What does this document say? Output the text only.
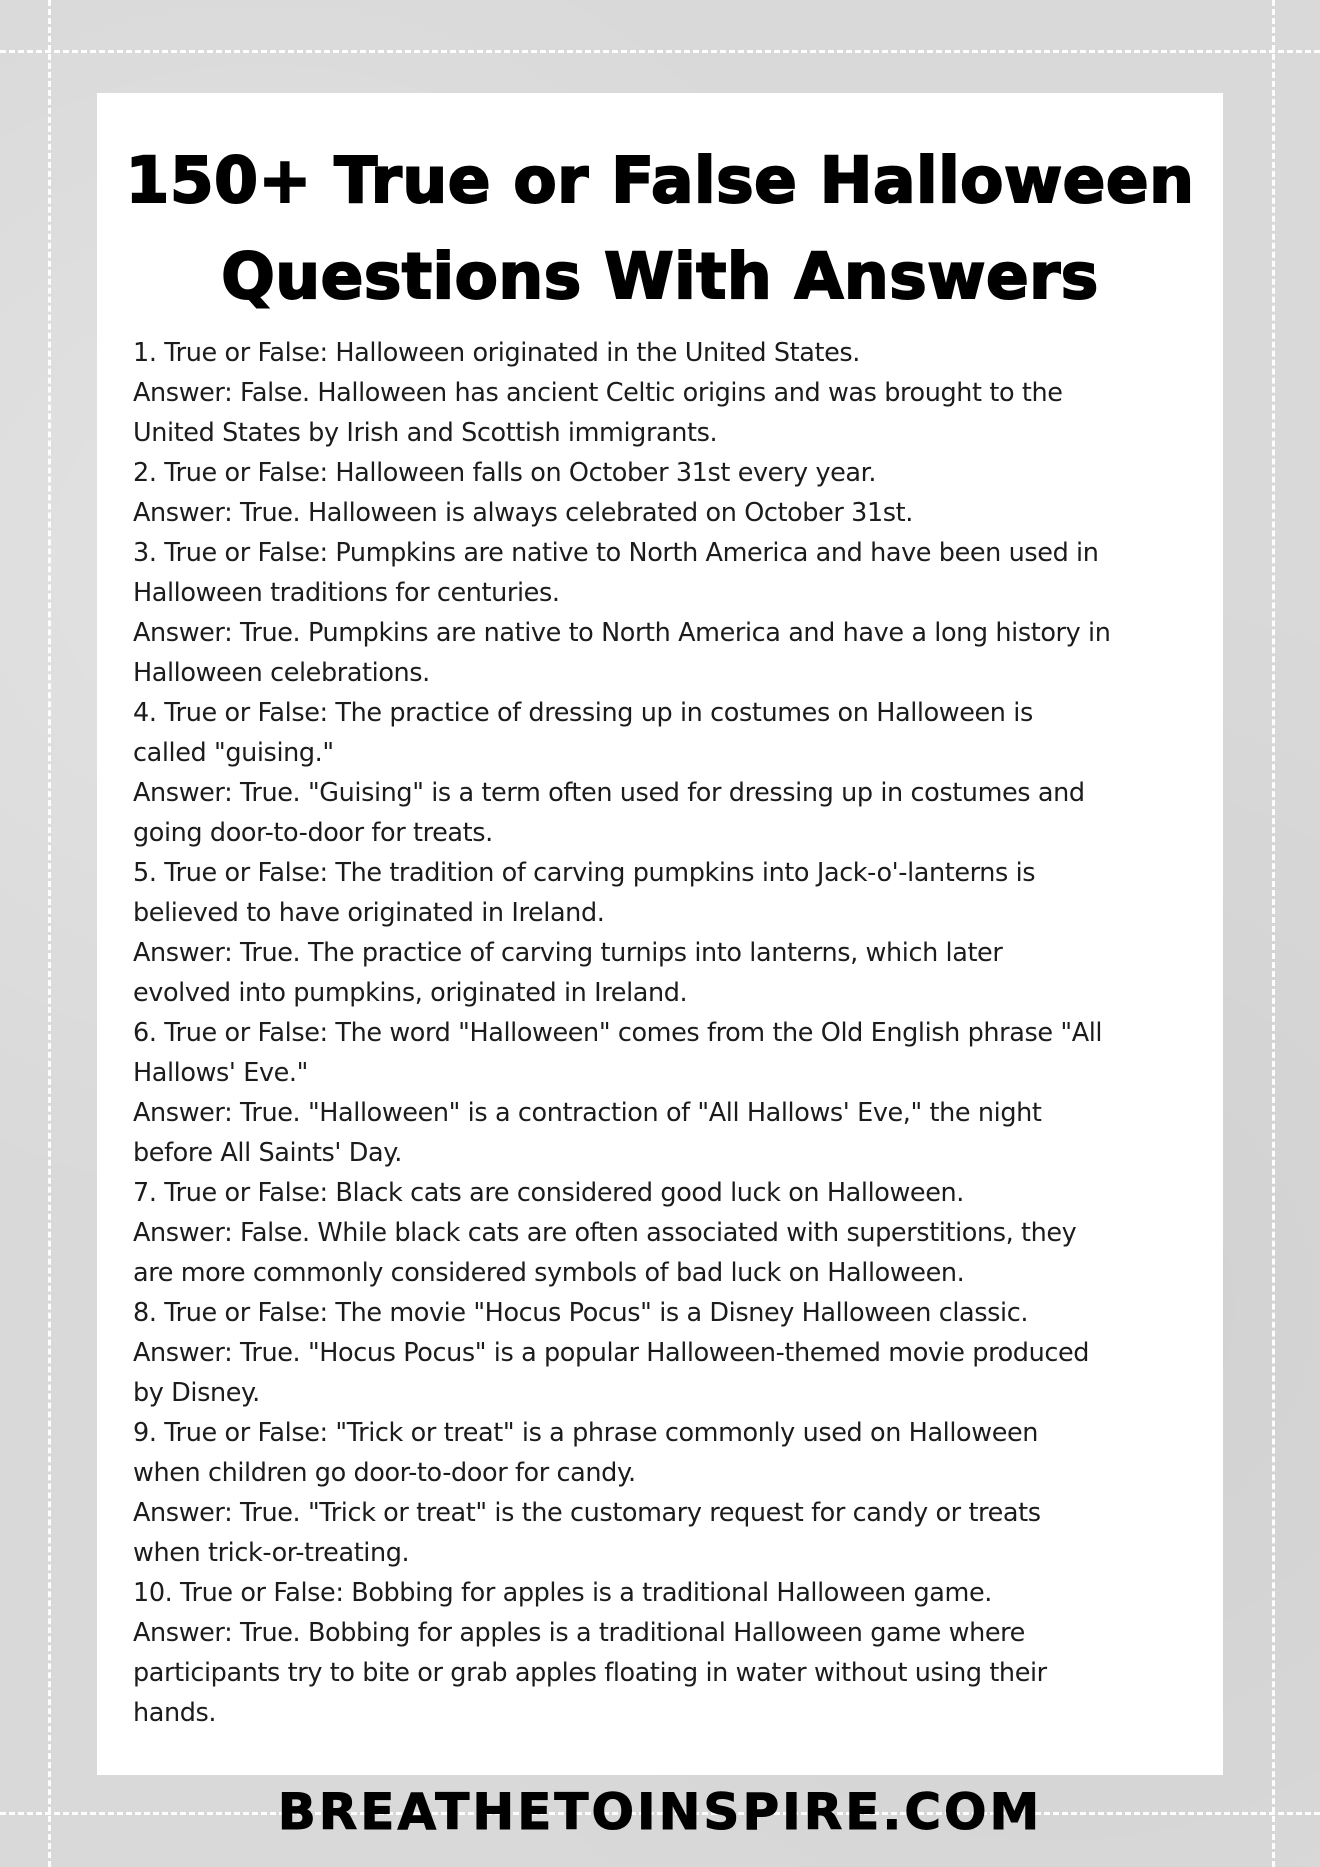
150+ True or False Halloween
Questions With Answers
1. True or False: Halloween originated in the United States.
Answer: False. Halloween has ancient Celtic origins and was brought to the
United States by Irish and Scottish immigrants.
2. True or False: Halloween falls on October 31st every year.
Answer: True. Halloween is always celebrated on October 31st.
3. True or False: Pumpkins are native to North America and have been used in
Halloween traditions for centuries.
Answer: True. Pumpkins are native to North America and have a long history in
Halloween celebrations.
4. True or False: The practice of dressing up in costumes on Halloween is
called "guising."
Answer: True. "Guising" is a term often used for dressing up in costumes and
going door-to-door for treats.
5. True or False: The tradition of carving pumpkins into Jack-o'-lanterns is
believed to have originated in Ireland.
Answer: True. The practice of carving turnips into lanterns, which later
evolved into pumpkins, originated in Ireland.
6. True or False: The word "Halloween" comes from the Old English phrase "All
Hallows' Eve."
Answer: True. "Halloween" is a contraction of "All Hallows' Eve," the night
before All Saints' Day.
7. True or False: Black cats are considered good luck on Halloween.
Answer: False. While black cats are often associated with superstitions, they
are more commonly considered symbols of bad luck on Halloween.
8. True or False: The movie "Hocus Pocus" is a Disney Halloween classic.
Answer: True. "Hocus Pocus" is a popular Halloween-themed movie produced
by Disney.
9. True or False: "Trick or treat" is a phrase commonly used on Halloween
when children go door-to-door for candy.
Answer: True. "Trick or treat" is the customary request for candy or treats
when trick-or-treating.
10. True or False: Bobbing for apples is a traditional Halloween game.
Answer: True. Bobbing for apples is a traditional Halloween game where
participants try to bite or grab apples floating in water without using their
hands.
BREATHETOINSPIRE.COM
